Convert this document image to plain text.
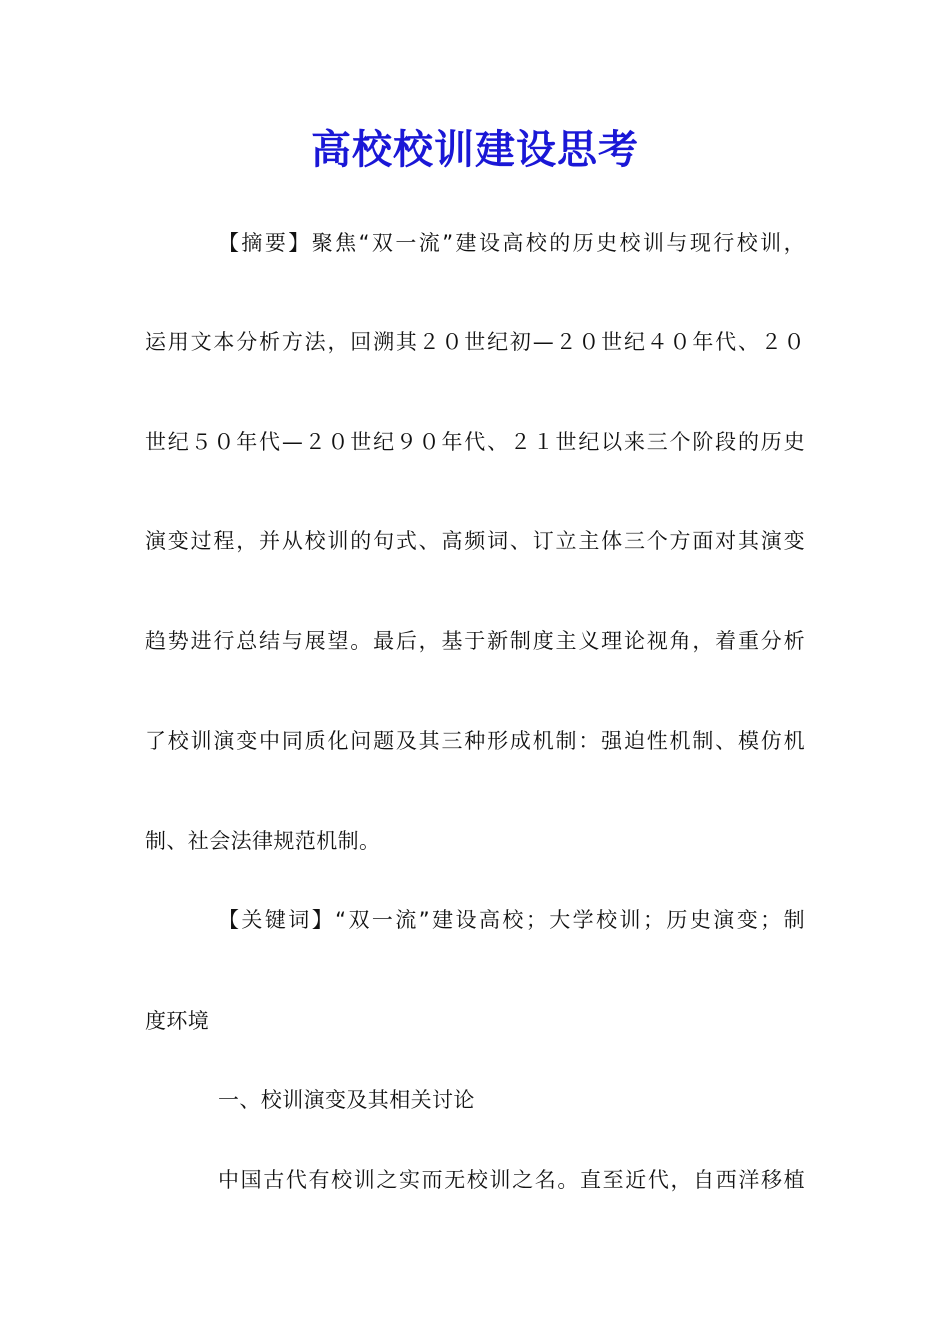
高校校训建设思考
【摘要】聚焦“双一流”建设高校的历史校训与现行校训，
运用文本分析方法，回溯其２０世纪初—２０世纪４０年代、２０
世纪５０年代—２０世纪９０年代、２１世纪以来三个阶段的历史
演变过程，并从校训的句式、高频词、订立主体三个方面对其演变
趋势进行总结与展望。最后，基于新制度主义理论视角，着重分析
了校训演变中同质化问题及其三种形成机制：强迫性机制、模仿机
制、社会法律规范机制。
【关键词】“双一流”建设高校；大学校训；历史演变；制
度环境
一、校训演变及其相关讨论
中国古代有校训之实而无校训之名。直至近代，自西洋移植
